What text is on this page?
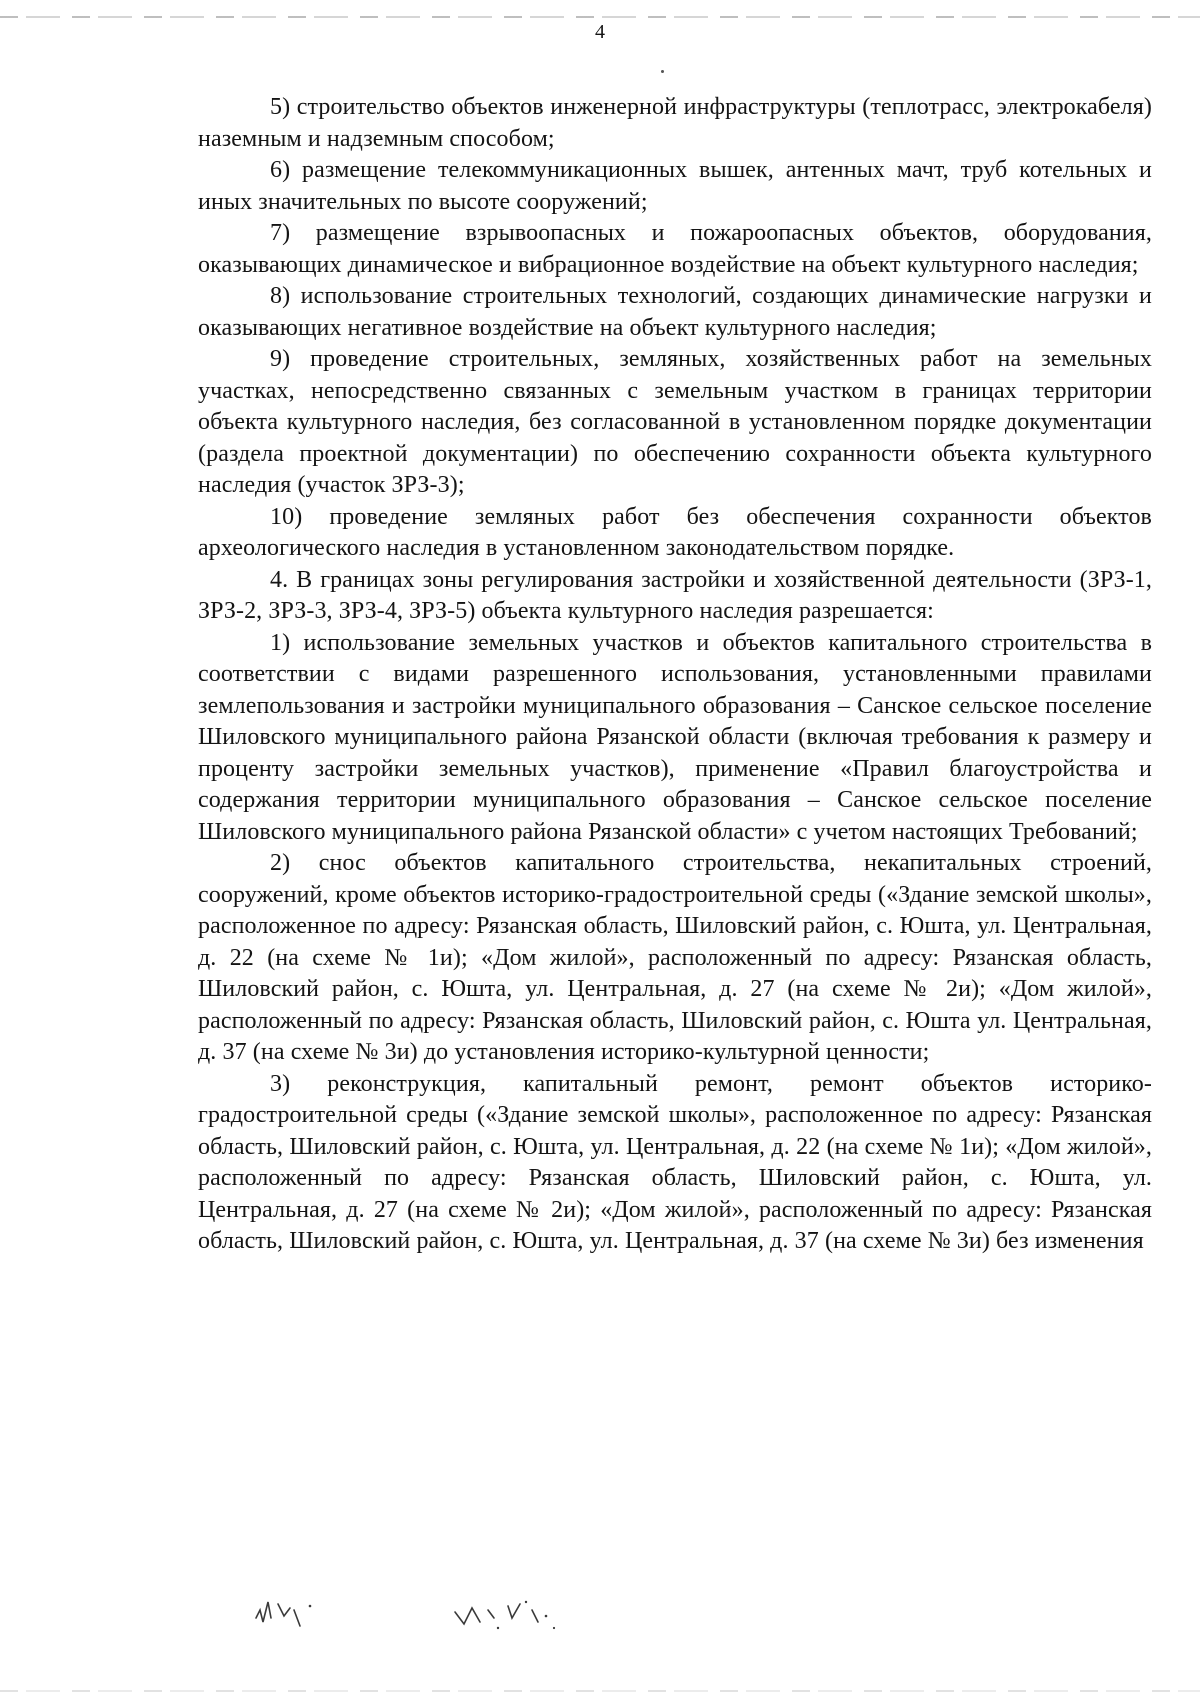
4

5) строительство объектов инженерной инфраструктуры (теплотрасс, электрокабеля) наземным и надземным способом;

6) размещение телекоммуникационных вышек, антенных мачт, труб котельных и иных значительных по высоте сооружений;

7) размещение взрывоопасных и пожароопасных объектов, оборудования, оказывающих динамическое и вибрационное воздействие на объект культурного наследия;

8) использование строительных технологий, создающих динамические нагрузки и оказывающих негативное воздействие на объект культурного наследия;

9) проведение строительных, земляных, хозяйственных работ на земельных участках, непосредственно связанных с земельным участком в границах территории объекта культурного наследия, без согласованной в установленном порядке документации (раздела проектной документации) по обеспечению сохранности объекта культурного наследия (участок ЗРЗ-3);

10) проведение земляных работ без обеспечения сохранности объектов археологического наследия в установленном законодательством порядке.

4. В границах зоны регулирования застройки и хозяйственной деятельности (ЗРЗ-1, ЗРЗ-2, ЗРЗ-3, ЗРЗ-4, ЗРЗ-5) объекта культурного наследия разрешается:

1) использование земельных участков и объектов капитального строительства в соответствии с видами разрешенного использования, установленными правилами землепользования и застройки муниципального образования – Санское сельское поселение Шиловского муниципального района Рязанской области (включая требования к размеру и проценту застройки земельных участков), применение «Правил благоустройства и содержания территории муниципального образования – Санское сельское поселение Шиловского муниципального района Рязанской области» с учетом настоящих Требований;

2) снос объектов капитального строительства, некапитальных строений, сооружений, кроме объектов историко-градостроительной среды («Здание земской школы», расположенное по адресу: Рязанская область, Шиловский район, с. Юшта, ул. Центральная, д. 22 (на схеме № 1и); «Дом жилой», расположенный по адресу: Рязанская область, Шиловский район, с. Юшта, ул. Центральная, д. 27 (на схеме № 2и); «Дом жилой», расположенный по адресу: Рязанская область, Шиловский район, с. Юшта ул. Центральная, д. 37 (на схеме № 3и) до установления историко-культурной ценности;

3) реконструкция, капитальный ремонт, ремонт объектов историко-градостроительной среды («Здание земской школы», расположенное по адресу: Рязанская область, Шиловский район, с. Юшта, ул. Центральная, д. 22 (на схеме № 1и); «Дом жилой», расположенный по адресу: Рязанская область, Шиловский район, с. Юшта, ул. Центральная, д. 27 (на схеме № 2и); «Дом жилой», расположенный по адресу: Рязанская область, Шиловский район, с. Юшта, ул. Центральная, д. 37 (на схеме № 3и) без изменения
